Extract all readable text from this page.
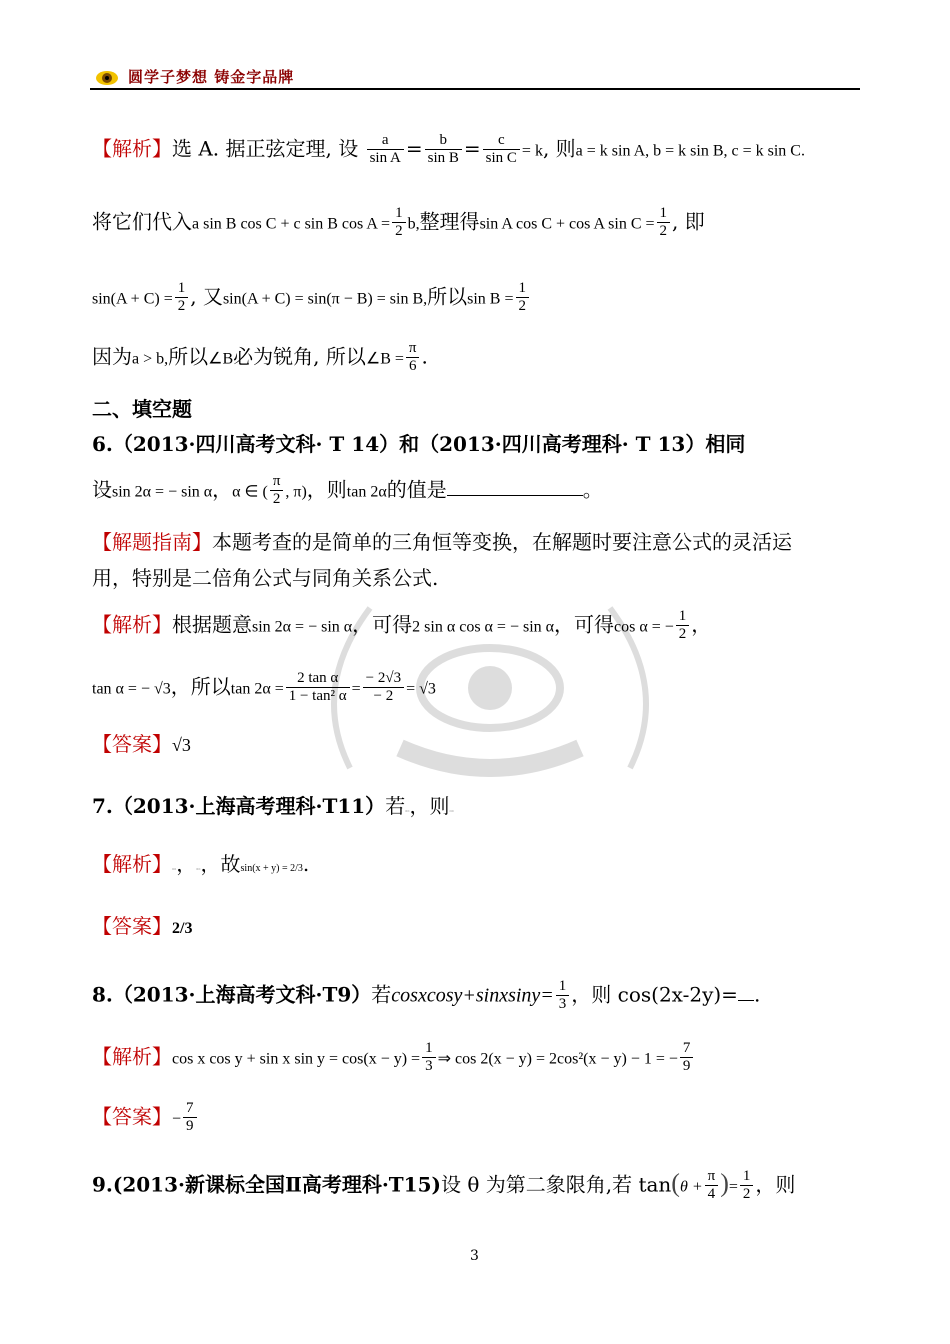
圆学子梦想 铸金字品牌
【解析】选 A. 据正弦定理, 设 $\frac{a}{\text{sin A}} = \frac{b}{\text{sin B}} = \frac{c}{\text{sin C}} = k$, 则a = k sin A, b = k sin B, c = k sin C.
将它们代入a sin B cos C + c sin B $\cos A = \frac{1}{2} b$,整理得sin A cos C + cos A $\sin C = \frac{1}{2}$ , 即
$\sin(A + C) = \frac{1}{2}$ , 又sin(A + C) = sin(π − B) = sin B,所以$\sin B = \frac{1}{2}$
因为a > b,所以∠B必为锐角, 所以∠B = $\frac{\pi}{6}$ .
二、填空题
6.（2013·四川高考文科· T 14）和（2013·四川高考理科· T 13）相同
设sin 2α = − sin α，α ∈ ( $\frac{\pi}{2}$ , π)，则tan 2α的值是	。
【解题指南】本题考查的是简单的三角恒等变换，在解题时要注意公式的灵活运
用，特别是二倍角公式与同角关系公式.
【解析】根据题意sin 2α = − sin α，可得2 sin α cos α = − sin α，可得cos α = − $\frac{1}{2}$ ，
tan α = − √3，所以$\tan 2\alpha = \frac{\text{2 tan α}}{\text{1 − tan² α}} = \frac{- 2√3}{- 2} = √3$
【答案】√3
7.（2013·上海高考理科·T11）若▫▫，则▫▫
【解析】▫▫，▫▫，故sin(x + y) = 2/3.
【答案】2/3
8.（2013·上海高考文科·T9）若cosxcosy+sinxsiny= $\frac{1}{3}$ ，则 cos(2x-2y)= .
【解析】cos x cos y + sin x $\sin y = \cos(x - y) = \frac{1}{3}$ ⇒ cos 2(x − y) = 2cos²(x − y) − 1 = − $\frac{7}{9}$
【答案】− $\frac{7}{9}$
9.(2013·新课标全国Ⅱ高考理科·T15)设 θ 为第二象限角,若 $\tan(\theta + \frac{\pi}{4}$ )= $\frac{1}{2}$ ，则
3
